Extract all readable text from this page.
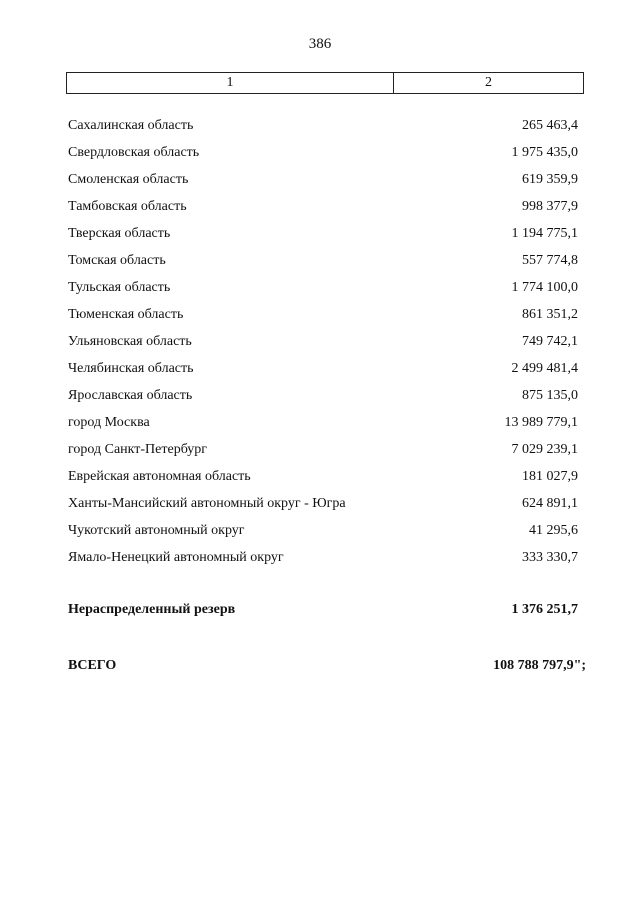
386
1	2
Сахалинская область	265 463,4
Свердловская область	1 975 435,0
Смоленская область	619 359,9
Тамбовская область	998 377,9
Тверская область	1 194 775,1
Томская область	557 774,8
Тульская область	1 774 100,0
Тюменская область	861 351,2
Ульяновская область	749 742,1
Челябинская область	2 499 481,4
Ярославская область	875 135,0
город Москва	13 989 779,1
город Санкт-Петербург	7 029 239,1
Еврейская автономная область	181 027,9
Ханты-Мансийский автономный округ - Югра	624 891,1
Чукотский автономный округ	41 295,6
Ямало-Ненецкий автономный округ	333 330,7
Нераспределенный резерв	1 376 251,7
ВСЕГО	108 788 797,9";
